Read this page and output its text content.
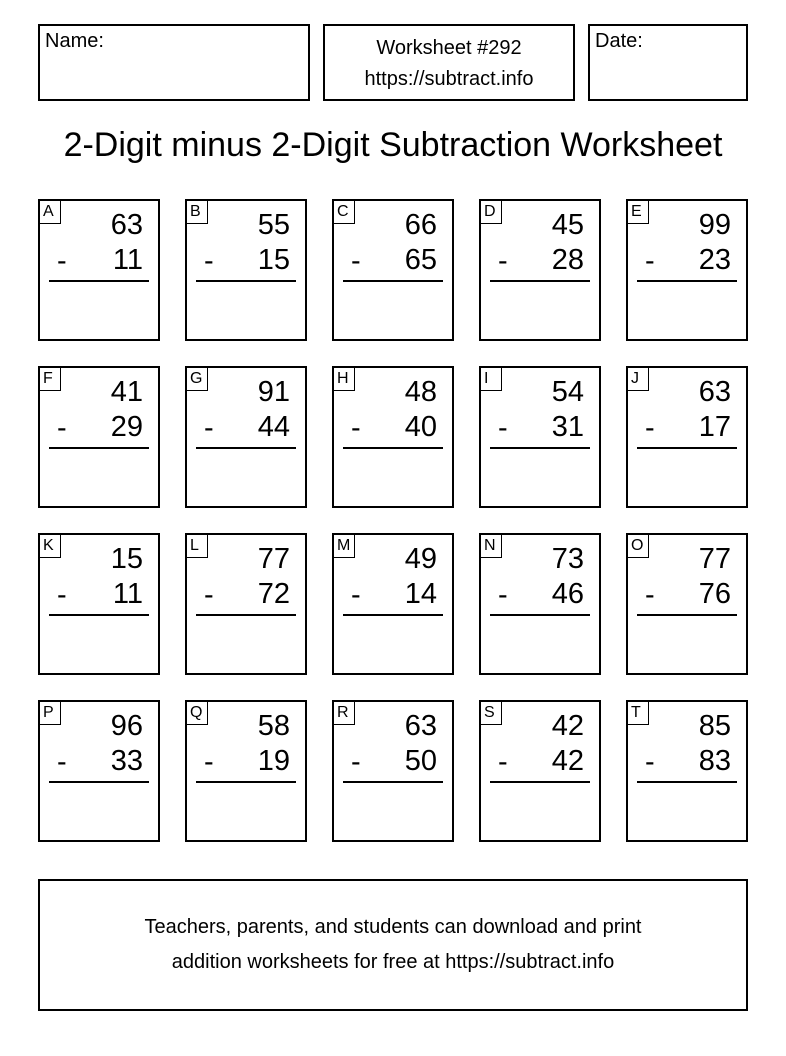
Name:	Worksheet #292
https://subtract.info
Date:
2-Digit minus 2-Digit Subtraction Worksheet
A 63
- 11
B 55
- 15
C 66
- 65
D 45
- 28
E 99
- 23
F 41
- 29
G 91
- 44
H 48
- 40
I	54
- 31
J	63
- 17
K 15
- 11
L	77
- 72
M 49
- 14
N 73
- 46
O 77
- 76
P 96
- 33
Q 58
- 19
R 63
- 50
S 42
- 42
T 85
- 83
Teachers, parents, and students can download and print
addition worksheets for free at https://subtract.info
